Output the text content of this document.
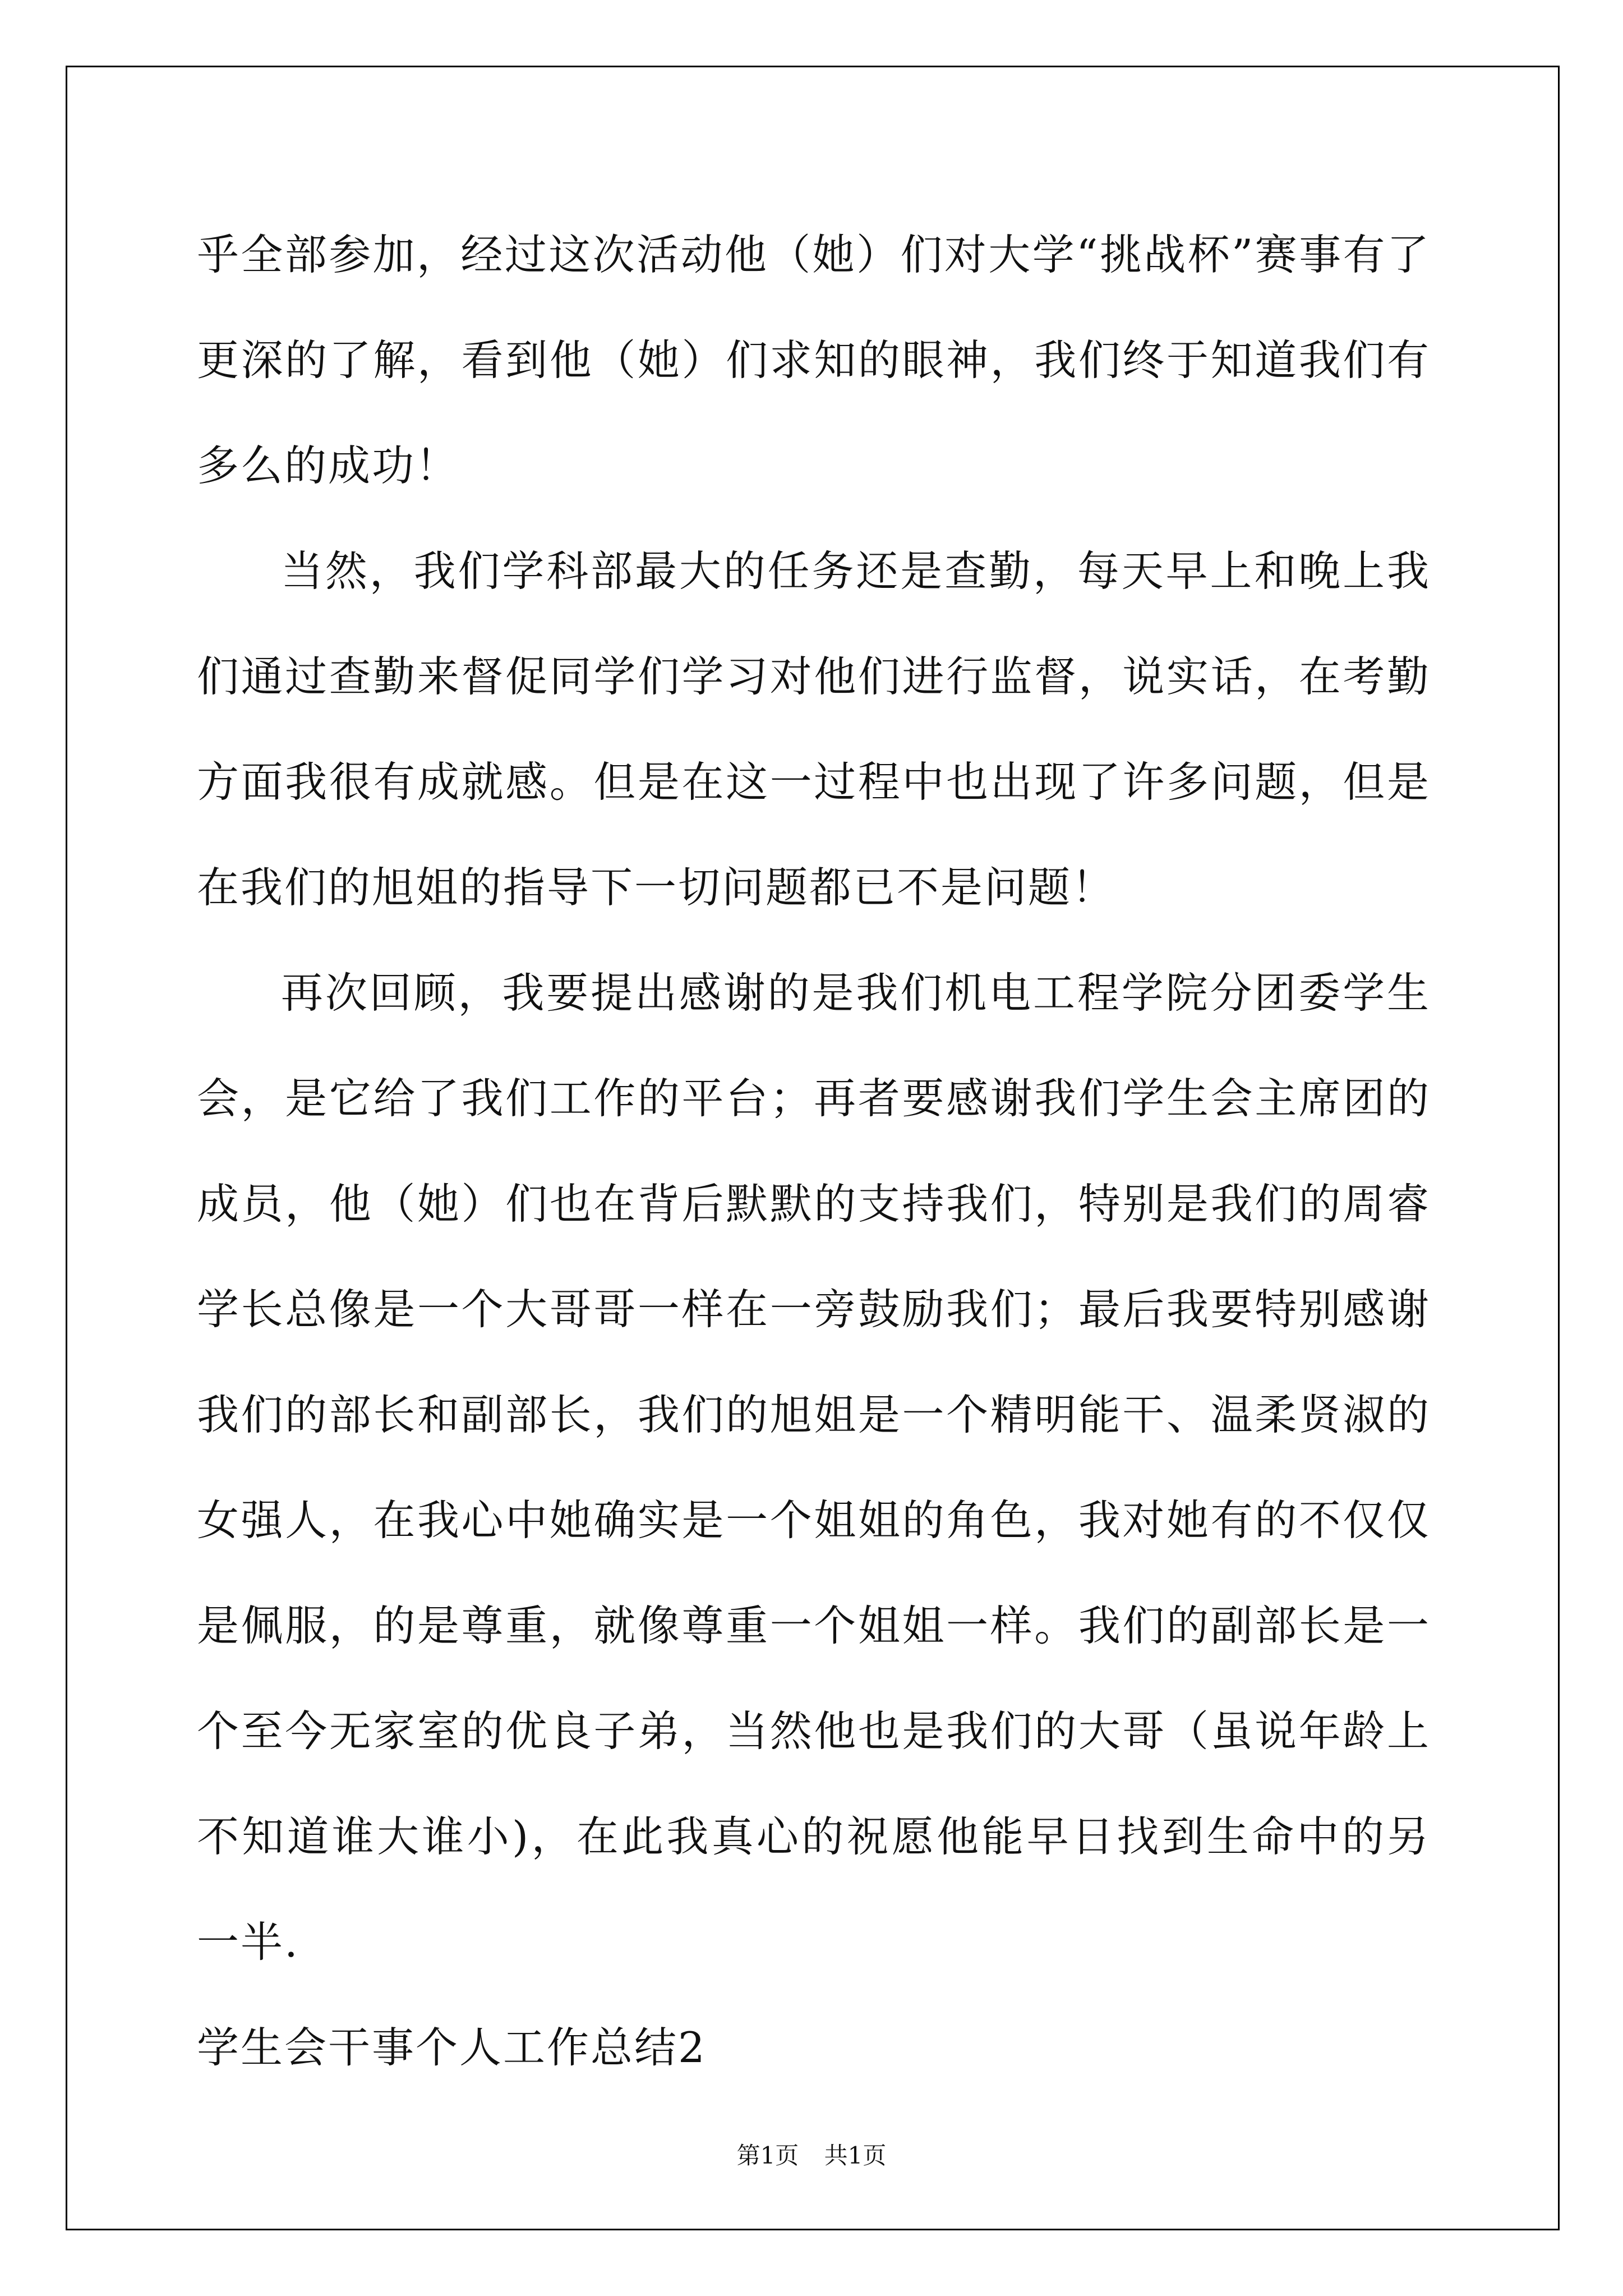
乎全部参加，经过这次活动他（她）们对大学“挑战杯”赛事有了更深的了解，看到他（她）们求知的眼神，我们终于知道我们有多么的成功！

当然，我们学科部最大的任务还是查勤，每天早上和晚上我们通过查勤来督促同学们学习对他们进行监督，说实话，在考勤方面我很有成就感。但是在这一过程中也出现了许多问题，但是在我们的旭姐的指导下一切问题都已不是问题！

再次回顾，我要提出感谢的是我们机电工程学院分团委学生会，是它给了我们工作的平台；再者要感谢我们学生会主席团的成员，他（她）们也在背后默默的支持我们，特别是我们的周睿学长总像是一个大哥哥一样在一旁鼓励我们；最后我要特别感谢我们的部长和副部长，我们的旭姐是一个精明能干、温柔贤淑的女强人，在我心中她确实是一个姐姐的角色，我对她有的不仅仅是佩服，的是尊重，就像尊重一个姐姐一样。我们的副部长是一个至今无家室的优良子弟，当然他也是我们的大哥（虽说年龄上不知道谁大谁小)，在此我真心的祝愿他能早日找到生命中的另一半.

学生会干事个人工作总结2

第1页 共1页
